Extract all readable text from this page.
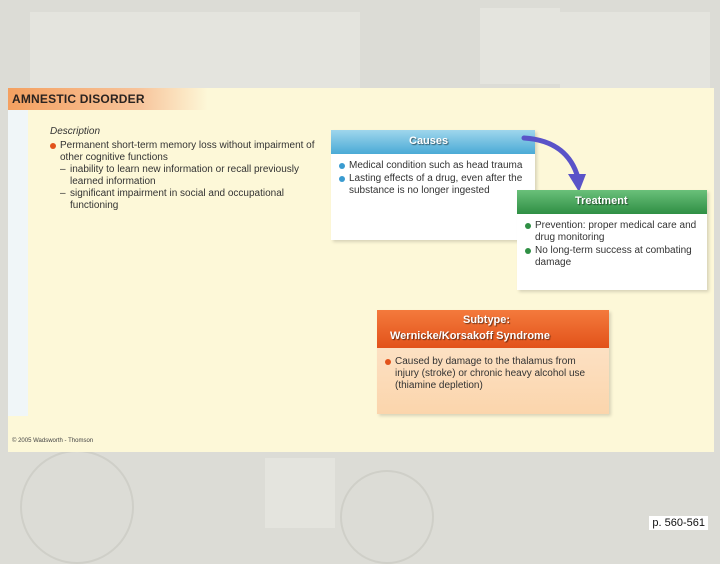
AMNESTIC DISORDER
Description
Permanent short-term memory loss without impairment of other cognitive functions
– inability to learn new information or recall previously learned information
– significant impairment in social and occupational functioning
Causes
Medical condition such as head trauma
Lasting effects of a drug, even after the substance is no longer ingested
Treatment
Prevention: proper medical care and drug monitoring
No long-term success at combating damage
Subtype:
Wernicke/Korsakoff Syndrome
Caused by damage to the thalamus from injury (stroke) or chronic heavy alcohol use (thiamine depletion)
© 2005 Wadsworth - Thomson
p. 560-561
